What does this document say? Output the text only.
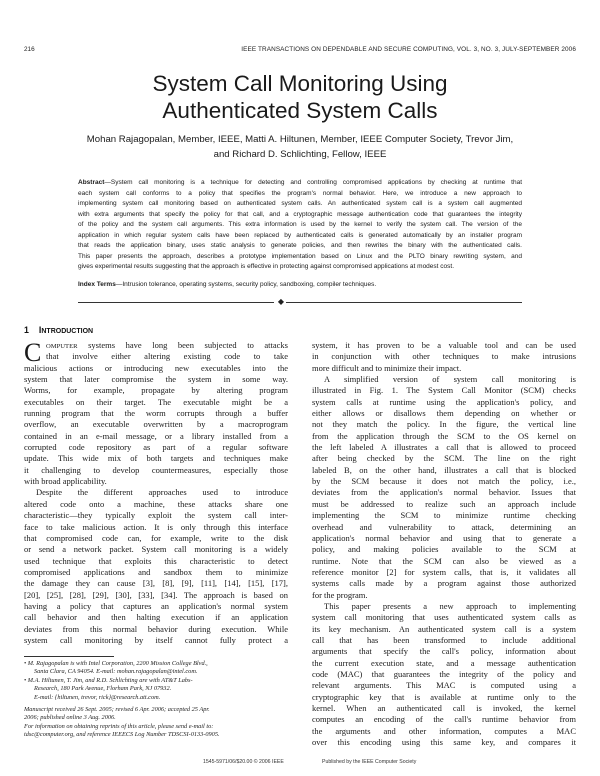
216	IEEE TRANSACTIONS ON DEPENDABLE AND SECURE COMPUTING, VOL. 3, NO. 3, JULY-SEPTEMBER 2006
System Call Monitoring Using
Authenticated System Calls
Mohan Rajagopalan, Member, IEEE, Matti A. Hiltunen, Member, IEEE Computer Society, Trevor Jim,
and Richard D. Schlichting, Fellow, IEEE
Abstract—System call monitoring is a technique for detecting and controlling compromised applications by checking at runtime that
each system call conforms to a policy that specifies the program's normal behavior. Here, we introduce a new approach to
implementing system call monitoring based on authenticated system calls. An authenticated system call is a system call augmented
with extra arguments that specify the policy for that call, and a cryptographic message authentication code that guarantees the integrity
of the policy and the system call arguments. This extra information is used by the kernel to verify the system call. The version of the
application in which regular system calls have been replaced by authenticated calls is generated automatically by an installer program
that reads the application binary, uses static analysis to generate policies, and then rewrites the binary with the authenticated calls.
This paper presents the approach, describes a prototype implementation based on Linux and the PLTO binary rewriting system, and
gives experimental results suggesting that the approach is effective in protecting against compromised applications at modest cost.
Index Terms—Intrusion tolerance, operating systems, security policy, sandboxing, compiler techniques.
◆
1 INTRODUCTION
C OMPUTER systems have long been subjected to attacks
that involve either altering existing code to take
malicious actions or introducing new executables into the
system that later compromise the system in some way.
Worms, for example, propagate by altering program
executables on their target. The executable might be a
running program that the worm corrupts through a buffer
overflow, an executable overwritten by a macroprogram
contained in an e-mail message, or a library installed from a
corrupted code repository as part of a regular software
update. This wide mix of both targets and techniques make
it challenging to develop countermeasures, especially those
with broad applicability.
Despite the different approaches used to introduce
altered code onto a machine, these attacks share one
characteristic—they typically exploit the system call inter-
face to take malicious action. It is only through this interface
that compromised code can, for example, write to the disk
or send a network packet. System call monitoring is a widely
used technique that exploits this characteristic to detect
compromised applications and sandbox them to minimize
the damage they can cause [3], [8], [9], [11], [14], [15], [17],
[20], [25], [28], [29], [30], [33], [34]. The approach is based on
having a policy that captures an application's normal system
call behavior and then halting execution if an application
deviates from this normal behavior during execution. While
system call monitoring by itself cannot fully protect a
system, it has proven to be a valuable tool and can be used
in conjunction with other techniques to make intrusions
more difficult and to minimize their impact.
A simplified version of system call monitoring is
illustrated in Fig. 1. The System Call Monitor (SCM) checks
system calls at runtime using the application's policy, and
either allows or disallows them depending on whether or
not they match the policy. In the figure, the vertical line
from the application through the SCM to the OS kernel on
the left labeled A illustrates a call that is allowed to proceed
after being checked by the SCM. The line on the right
labeled B, on the other hand, illustrates a call that is blocked
by the SCM because it does not match the policy, i.e.,
deviates from the application's normal behavior. Issues that
must be addressed to realize such an approach include
implementing the SCM to minimize runtime checking
overhead and vulnerability to attack, determining an
application's normal behavior and using that to generate a
policy, and making policies available to the SCM at
runtime. Note that the SCM can also be viewed as a
reference monitor [2] for system calls, that is, it validates all
systems calls made by a program against those authorized
for the program.
This paper presents a new approach to implementing
system call monitoring that uses authenticated system calls as
its key mechanism. An authenticated system call is a system
call that has been transformed to include additional
arguments that specify the call's policy, information about
the current execution state, and a message authentication
code (MAC) that guarantees the integrity of the policy and
relevant arguments. This MAC is computed using a
cryptographic key that is available at runtime only to the
kernel. When an authenticated call is invoked, the kernel
computes an encoding of the call's runtime behavior from
the arguments and other information, computes a MAC
over this encoding using this same key, and compares it
• M. Rajagopalan is with Intel Corporation, 2200 Mission College Blvd.,
Santa Clara, CA 94054. E-mail: mohan.rajagopalan@intel.com.
• M.A. Hiltunen, T. Jim, and R.D. Schlichting are with AT&T Labs-
Research, 180 Park Avenue, Florham Park, NJ 07932.
E-mail: {hiltunen, trevor, rick}@research.att.com.
Manuscript received 26 Sept. 2005; revised 6 Apr. 2006; accepted 25 Apr.
2006; published online 3 Aug. 2006.
For information on obtaining reprints of this article, please send e-mail to:
tdsc@computer.org, and reference IEEECS Log Number TDSCSI-0133-0905.
1545-5971/06/$20.00 © 2006 IEEE	Published by the IEEE Computer Society
